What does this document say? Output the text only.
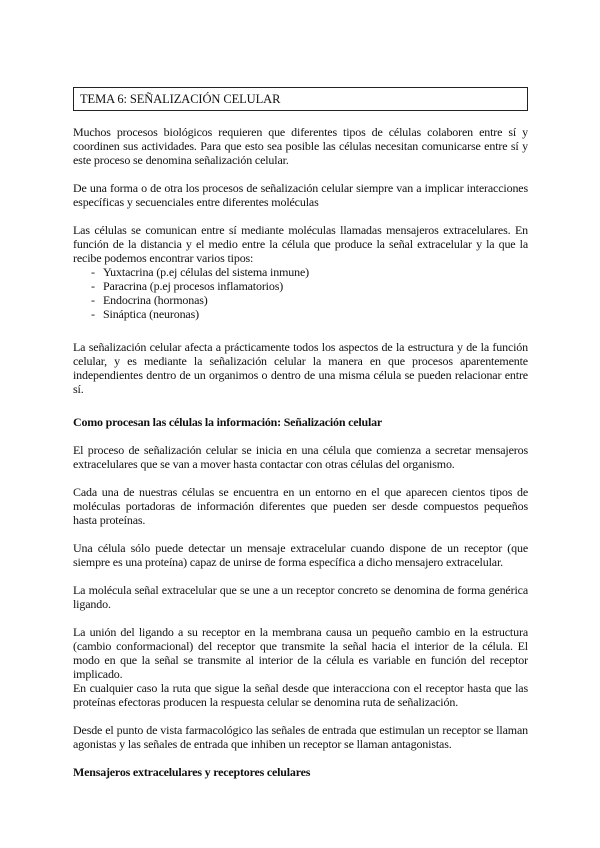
TEMA 6: SEÑALIZACIÓN CELULAR

Muchos procesos biológicos requieren que diferentes tipos de células colaboren entre sí y coordinen sus actividades. Para que esto sea posible las células necesitan comunicarse entre sí y este proceso se denomina señalización celular.

De una forma o de otra los procesos de señalización celular siempre van a implicar interacciones específicas y secuenciales entre diferentes moléculas

Las células se comunican entre sí mediante moléculas llamadas mensajeros extracelulares. En función de la distancia y el medio entre la célula que produce la señal extracelular y la que la recibe podemos encontrar varios tipos:

- Yuxtacrina (p.ej células del sistema inmune)
- Paracrina (p.ej procesos inflamatorios)
- Endocrina (hormonas)
- Sináptica (neuronas)

La señalización celular afecta a prácticamente todos los aspectos de la estructura y de la función celular, y es mediante la señalización celular la manera en que procesos aparentemente independientes dentro de un organimos o dentro de una misma célula se pueden relacionar entre sí.

Como procesan las células la información: Señalización celular

El proceso de señalización celular se inicia en una célula que comienza a secretar mensajeros extracelulares que se van a mover hasta contactar con otras células del organismo.

Cada una de nuestras células se encuentra en un entorno en el que aparecen cientos tipos de moléculas portadoras de información diferentes que pueden ser desde compuestos pequeños hasta proteínas.

Una célula sólo puede detectar un mensaje extracelular cuando dispone de un receptor (que siempre es una proteína) capaz de unirse de forma específica a dicho mensajero extracelular.

La molécula señal extracelular que se une a un receptor concreto se denomina de forma genérica ligando.

La unión del ligando a su receptor en la membrana causa un pequeño cambio en la estructura (cambio conformacional) del receptor que transmite la señal hacia el interior de la célula. El modo en que la señal se transmite al interior de la célula es variable en función del receptor implicado.

En cualquier caso la ruta que sigue la señal desde que interacciona con el receptor hasta que las proteínas efectoras producen la respuesta celular se denomina ruta de señalización.

Desde el punto de vista farmacológico las señales de entrada que estimulan un receptor se llaman agonistas y las señales de entrada que inhiben un receptor se llaman antagonistas.

Mensajeros extracelulares y receptores celulares
